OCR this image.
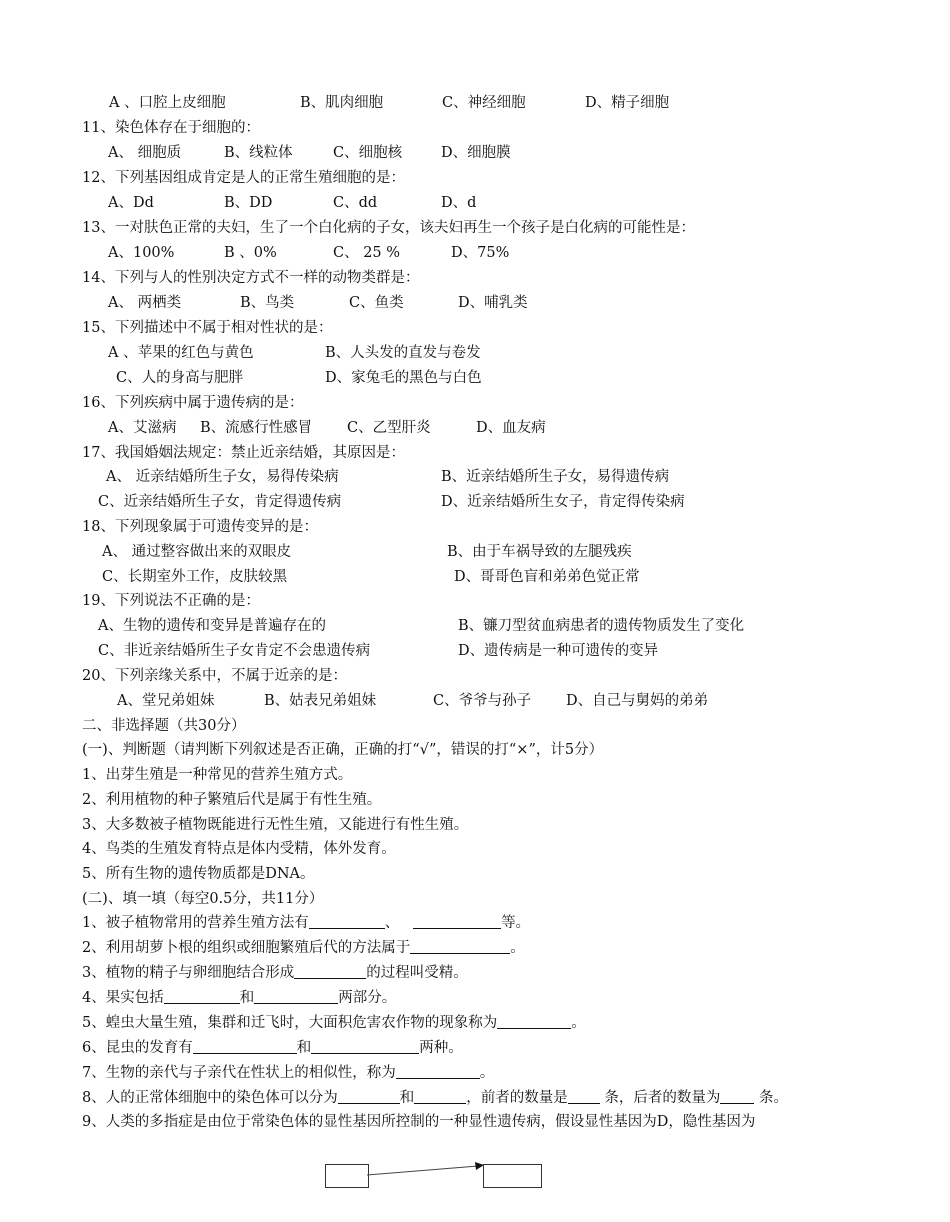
A 、口腔上皮细胞	B、肌肉细胞	C、神经细胞	D、精子细胞
11、染色体存在于细胞的：
A、 细胞质	B、线粒体	C、细胞核	D、细胞膜
12、下列基因组成肯定是人的正常生殖细胞的是：
A、Dd	B、DD	C、dd	D、d
13、一对肤色正常的夫妇，生了一个白化病的子女，该夫妇再生一个孩子是白化病的可能性是：
A、100%	B 、0%	C、 25 %	D、75%
14、下列与人的性别决定方式不一样的动物类群是：
A、 两栖类	B、鸟类	C、鱼类	D、哺乳类
15、下列描述中不属于相对性状的是：
A 、苹果的红色与黄色	B、人头发的直发与卷发
C、人的身高与肥胖	D、家兔毛的黑色与白色
16、下列疾病中属于遗传病的是：
A、艾滋病 B、流感行性感冒 C、乙型肝炎	D、血友病
17、我国婚姻法规定：禁止近亲结婚，其原因是：
A、 近亲结婚所生子女，易得传染病	B、近亲结婚所生子女，易得遗传病
C、近亲结婚所生子女，肯定得遗传病	D、近亲结婚所生女子，肯定得传染病
18、下列现象属于可遗传变异的是：
A、 通过整容做出来的双眼皮	B、由于车祸导致的左腿残疾
C、长期室外工作，皮肤较黑	D、哥哥色盲和弟弟色觉正常
19、下列说法不正确的是：
A、生物的遗传和变异是普遍存在的	B、镰刀型贫血病患者的遗传物质发生了变化
C、非近亲结婚所生子女肯定不会患遗传病	D、遗传病是一种可遗传的变异
20、下列亲缘关系中，不属于近亲的是：
A、堂兄弟姐妹	B、姑表兄弟姐妹	C、爷爷与孙子 D、自己与舅妈的弟弟
二、非选择题（共30分）
(一)、判断题（请判断下列叙述是否正确，正确的打“√”，错误的打“×”，计5分）
1、出芽生殖是一种常见的营养生殖方式。
2、利用植物的种子繁殖后代是属于有性生殖。
3、大多数被子植物既能进行无性生殖，又能进行有性生殖。
4、鸟类的生殖发育特点是体内受精，体外发育。
5、所有生物的遗传物质都是DNA。
(二)、填一填（每空0.5分，共11分）
1、被子植物常用的营养生殖方法有	、	等。
2、利用胡萝卜根的组织或细胞繁殖后代的方法属于	。
3、植物的精子与卵细胞结合形成	的过程叫受精。
4、果实包括	和	两部分。
5、蝗虫大量生殖，集群和迁飞时，大面积危害农作物的现象称为	。
6、昆虫的发育有	和	两种。
7、生物的亲代与子亲代在性状上的相似性，称为	。
8、人的正常体细胞中的染色体可以分为	和	，前者的数量是 条，后者的数量为 条。
9、人类的多指症是由位于常染色体的显性基因所控制的一种显性遗传病，假设显性基因为D，隐性基因为
